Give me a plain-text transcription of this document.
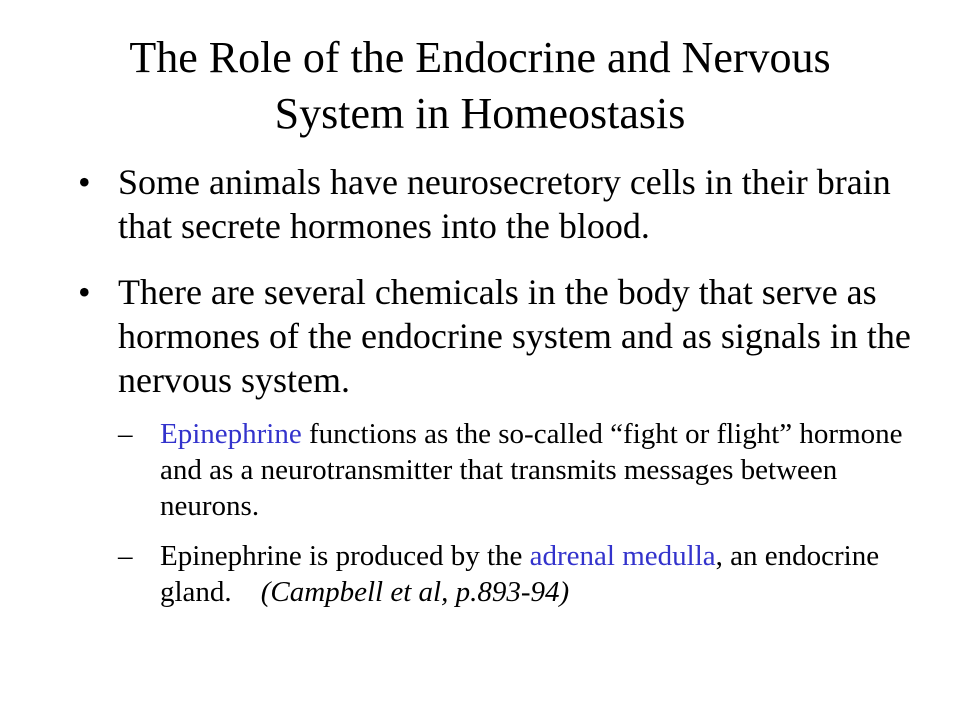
The Role of the Endocrine and Nervous
System in Homeostasis
• Some animals have neurosecretory cells in their brain that secrete hormones into the blood.
• There are several chemicals in the body that serve as hormones of the endocrine system and as signals in the nervous system.
– Epinephrine functions as the so-called “fight or flight” hormone and as a neurotransmitter that transmits messages between neurons.
– Epinephrine is produced by the adrenal medulla, an endocrine gland. (Campbell et al, p.893-94)
